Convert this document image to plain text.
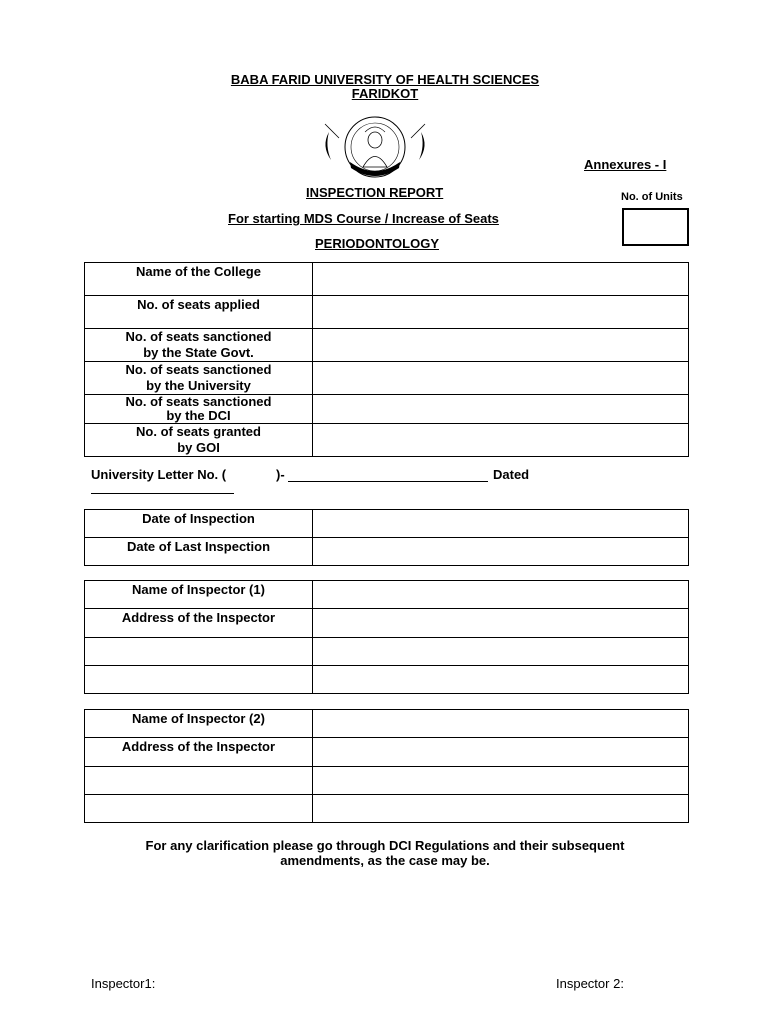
BABA FARID UNIVERSITY OF HEALTH SCIENCES
FARIDKOT
Annexures - I
No. of Units
INSPECTION REPORT
For starting MDS Course / Increase of Seats
PERIODONTOLOGY
Name of the College	

No. of seats applied	

No. of seats sanctioned
by the State Govt.	

No. of seats sanctioned
by the University	

No. of seats sanctioned
by the DCI	

No. of seats granted
by GOI	

University Letter No. (	)-	Dated
Date of Inspection	

Date of Last Inspection	

Name of Inspector (1)	

Address of the Inspector	

Name of Inspector (2)	

Address of the Inspector	

For any clarification please go through DCI Regulations and their subsequent
amendments, as the case may be.
Inspector1:	Inspector 2:
